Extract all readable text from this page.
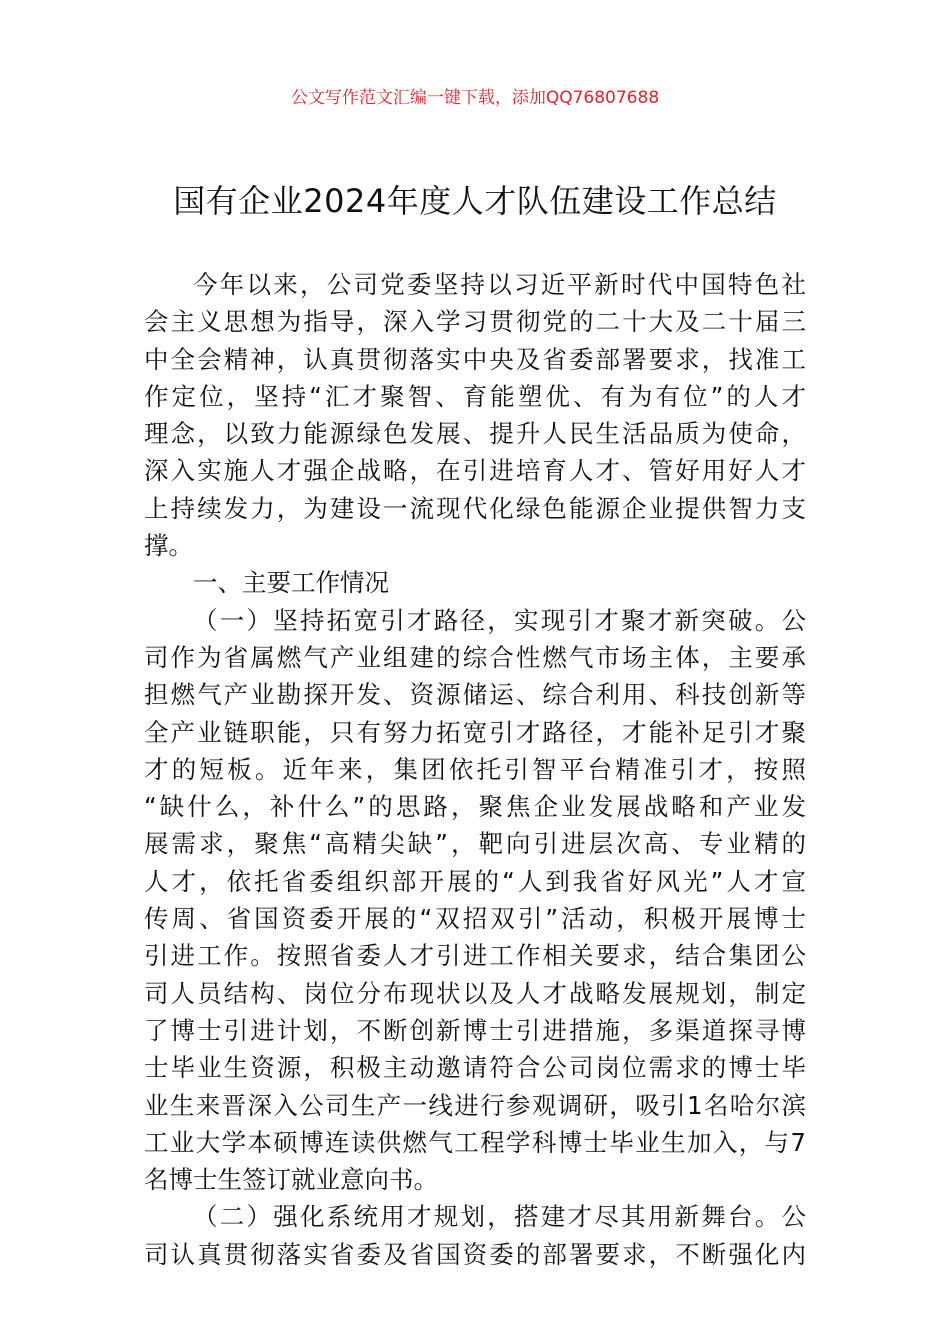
公文写作范文汇编一键下载，添加QQ76807688
国有企业2024年度人才队伍建设工作总结
今年以来，公司党委坚持以习近平新时代中国特色社
会主义思想为指导，深入学习贯彻党的二十大及二十届三
中全会精神，认真贯彻落实中央及省委部署要求，找准工
作定位，坚持“汇才聚智、育能塑优、有为有位”的人才
理念，以致力能源绿色发展、提升人民生活品质为使命，
深入实施人才强企战略，在引进培育人才、管好用好人才
上持续发力，为建设一流现代化绿色能源企业提供智力支
撑。
一、主要工作情况
（一）坚持拓宽引才路径，实现引才聚才新突破。公
司作为省属燃气产业组建的综合性燃气市场主体，主要承
担燃气产业勘探开发、资源储运、综合利用、科技创新等
全产业链职能，只有努力拓宽引才路径，才能补足引才聚
才的短板。近年来，集团依托引智平台精准引才，按照
“缺什么，补什么”的思路，聚焦企业发展战略和产业发
展需求，聚焦“高精尖缺”，靶向引进层次高、专业精的
人才，依托省委组织部开展的“人到我省好风光”人才宣
传周、省国资委开展的“双招双引”活动，积极开展博士
引进工作。按照省委人才引进工作相关要求，结合集团公
司人员结构、岗位分布现状以及人才战略发展规划，制定
了博士引进计划，不断创新博士引进措施，多渠道探寻博
士毕业生资源，积极主动邀请符合公司岗位需求的博士毕
业生来晋深入公司生产一线进行参观调研，吸引1名哈尔滨
工业大学本硕博连读供燃气工程学科博士毕业生加入，与7
名博士生签订就业意向书。
（二）强化系统用才规划，搭建才尽其用新舞台。公
司认真贯彻落实省委及省国资委的部署要求，不断强化内
